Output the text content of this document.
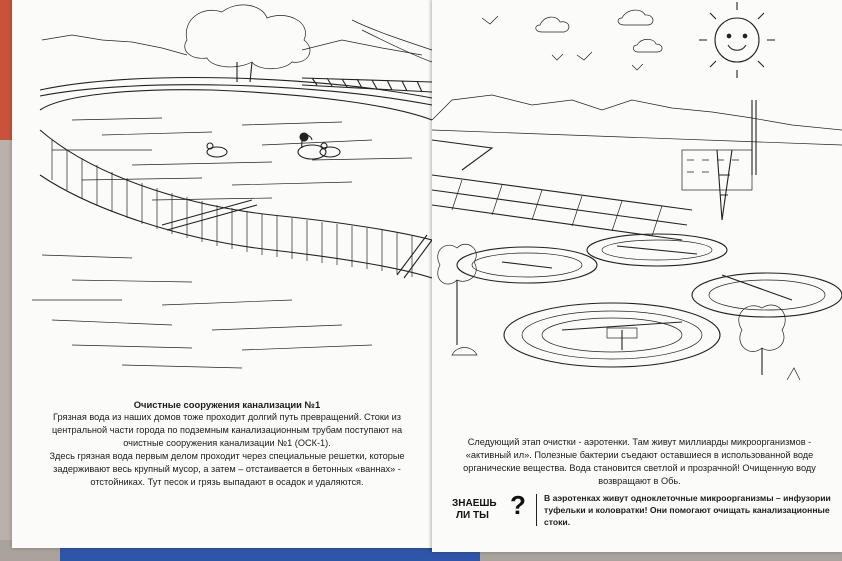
Очистные сооружения канализации №1
Грязная вода из наших домов тоже проходит долгий путь превращений. Стоки из центральной части города по подземным канализационным трубам поступают на очистные сооружения канализации №1 (ОСК-1).
Здесь грязная вода первым делом проходит через специальные решетки, которые задерживают весь крупный мусор, а затем – отстаивается в бетонных «ваннах» - отстойниках. Тут песок и грязь выпадают в осадок и удаляются.
Следующий этап очистки - аэротенки. Там живут миллиарды микроорганизмов - «активный ил». Полезные бактерии съедают оставшиеся в использованной воде органические вещества. Вода становится светлой и прозрачной! Очищенную воду возвращают в Обь.
ЗНАЕШЬ
ЛИ ТЫ ? В аэротенках живут одноклеточные микроорганизмы – инфузории туфельки и коловратки! Они помогают очищать канализационные стоки.
